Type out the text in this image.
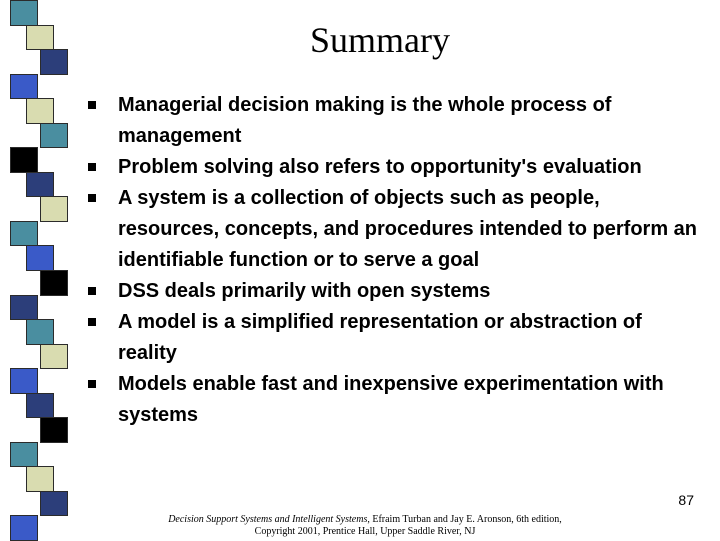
Summary
Managerial decision making is the whole process of management
Problem solving also refers to opportunity's evaluation
A system is a collection of objects such as people, resources, concepts, and procedures intended to perform an identifiable function or to serve a goal
DSS deals primarily with open systems
A model is a simplified representation or abstraction of reality
Models enable fast and inexpensive experimentation with systems
87
Decision Support Systems and Intelligent Systems, Efraim Turban and Jay E. Aronson, 6th edition,
Copyright 2001, Prentice Hall, Upper Saddle River, NJ
